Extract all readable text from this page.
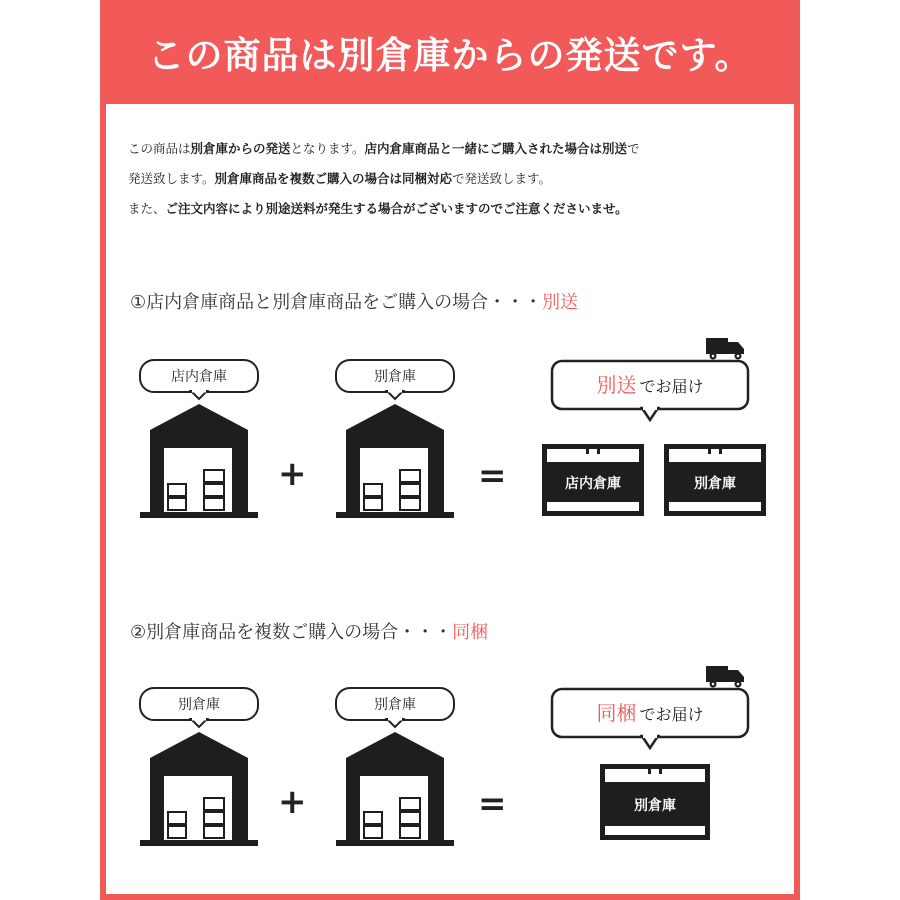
この商品は別倉庫からの発送です。
この商品は別倉庫からの発送となります。店内倉庫商品と一緒にご購入された場合は別送で
発送致します。別倉庫商品を複数ご購入の場合は同梱対応で発送致します。
また、ご注文内容により別途送料が発生する場合がございますのでご注意くださいませ。
①店内倉庫商品と別倉庫商品をご購入の場合・・・別送
店内倉庫
+
別倉庫
=
別送 でお届け
店内倉庫	別倉庫
②別倉庫商品を複数ご購入の場合・・・同梱
別倉庫
+
別倉庫
=
同梱 でお届け
別倉庫
